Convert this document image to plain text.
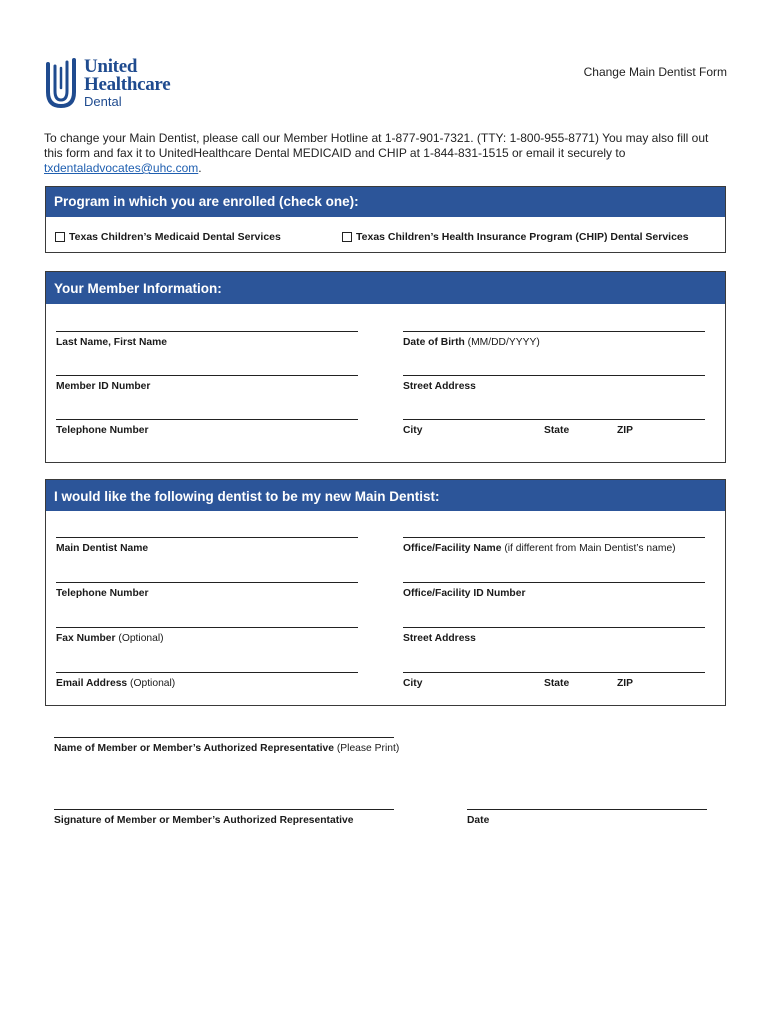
United
Healthcare
Dental
Change Main Dentist Form

To change your Main Dentist, please call our Member Hotline at 1-877-901-7321. (TTY: 1-800-955-8771) You may also fill out this form and fax it to UnitedHealthcare Dental MEDICAID and CHIP at 1-844-831-1515 or email it securely to txdentaladvocates@uhc.com.

Program in which you are enrolled (check one):
Texas Children’s Medicaid Dental Services	Texas Children’s Health Insurance Program (CHIP) Dental Services
Your Member Information:
Last Name, First Name	Date of Birth (MM/DD/YYYY)
Member ID Number	Street Address
Telephone Number	City	State	ZIP
I would like the following dentist to be my new Main Dentist:
Main Dentist Name	Office/Facility Name (if different from Main Dentist’s name)
Telephone Number	Office/Facility ID Number
Fax Number (Optional)	Street Address
Email Address (Optional)	City	State	ZIP
Name of Member or Member’s Authorized Representative (Please Print)
Signature of Member or Member’s Authorized Representative	Date
